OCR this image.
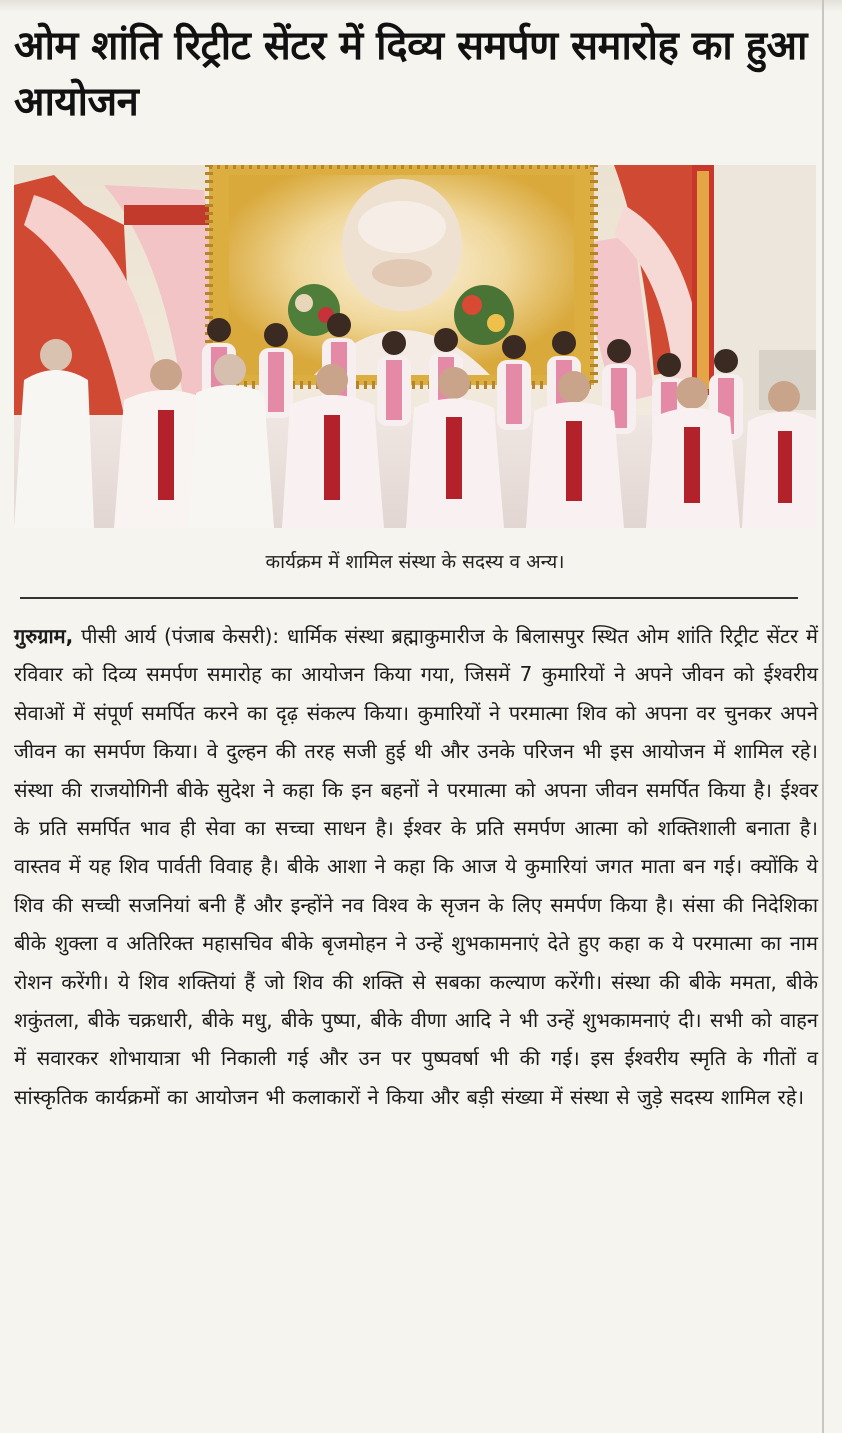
ओम शांति रिट्रीट सेंटर में दिव्य समर्पण समारोह का हुआ आयोजन
कार्यक्रम में शामिल संस्था के सदस्य व अन्य।

गुरुग्राम, पीसी आर्य (पंजाब केसरी): धार्मिक संस्था ब्रह्माकुमारीज के बिलासपुर स्थित ओम शांति रिट्रीट सेंटर में रविवार को दिव्य समर्पण समारोह का आयोजन किया गया, जिसमें 7 कुमारियों ने अपने जीवन को ईश्वरीय सेवाओं में संपूर्ण समर्पित करने का दृढ़ संकल्प किया। कुमारियों ने परमात्मा शिव को अपना वर चुनकर अपने जीवन का समर्पण किया। वे दुल्हन की तरह सजी हुई थी और उनके परिजन भी इस आयोजन में शामिल रहे। संस्था की राजयोगिनी बीके सुदेश ने कहा कि इन बहनों ने परमात्मा को अपना जीवन समर्पित किया है। ईश्वर के प्रति समर्पित भाव ही सेवा का सच्चा साधन है। ईश्वर के प्रति समर्पण आत्मा को शक्तिशाली बनाता है। वास्तव में यह शिव पार्वती विवाह है। बीके आशा ने कहा कि आज ये कुमारियां जगत माता बन गई। क्योंकि ये शिव की सच्ची सजनियां बनी हैं और इन्होंने नव विश्व के सृजन के लिए समर्पण किया है। संसा की निदेशिका बीके शुक्ला व अतिरिक्त महासचिव बीके बृजमोहन ने उन्हें शुभकामनाएं देते हुए कहा क ये परमात्मा का नाम रोशन करेंगी। ये शिव शक्तियां हैं जो शिव की शक्ति से सबका कल्याण करेंगी। संस्था की बीके ममता, बीके शकुंतला, बीके चक्रधारी, बीके मधु, बीके पुष्पा, बीके वीणा आदि ने भी उन्हें शुभकामनाएं दी। सभी को वाहन में सवारकर शोभायात्रा भी निकाली गई और उन पर पुष्पवर्षा भी की गई। इस ईश्वरीय स्मृति के गीतों व सांस्कृतिक कार्यक्रमों का आयोजन भी कलाकारों ने किया और बड़ी संख्या में संस्था से जुड़े सदस्य शामिल रहे।
